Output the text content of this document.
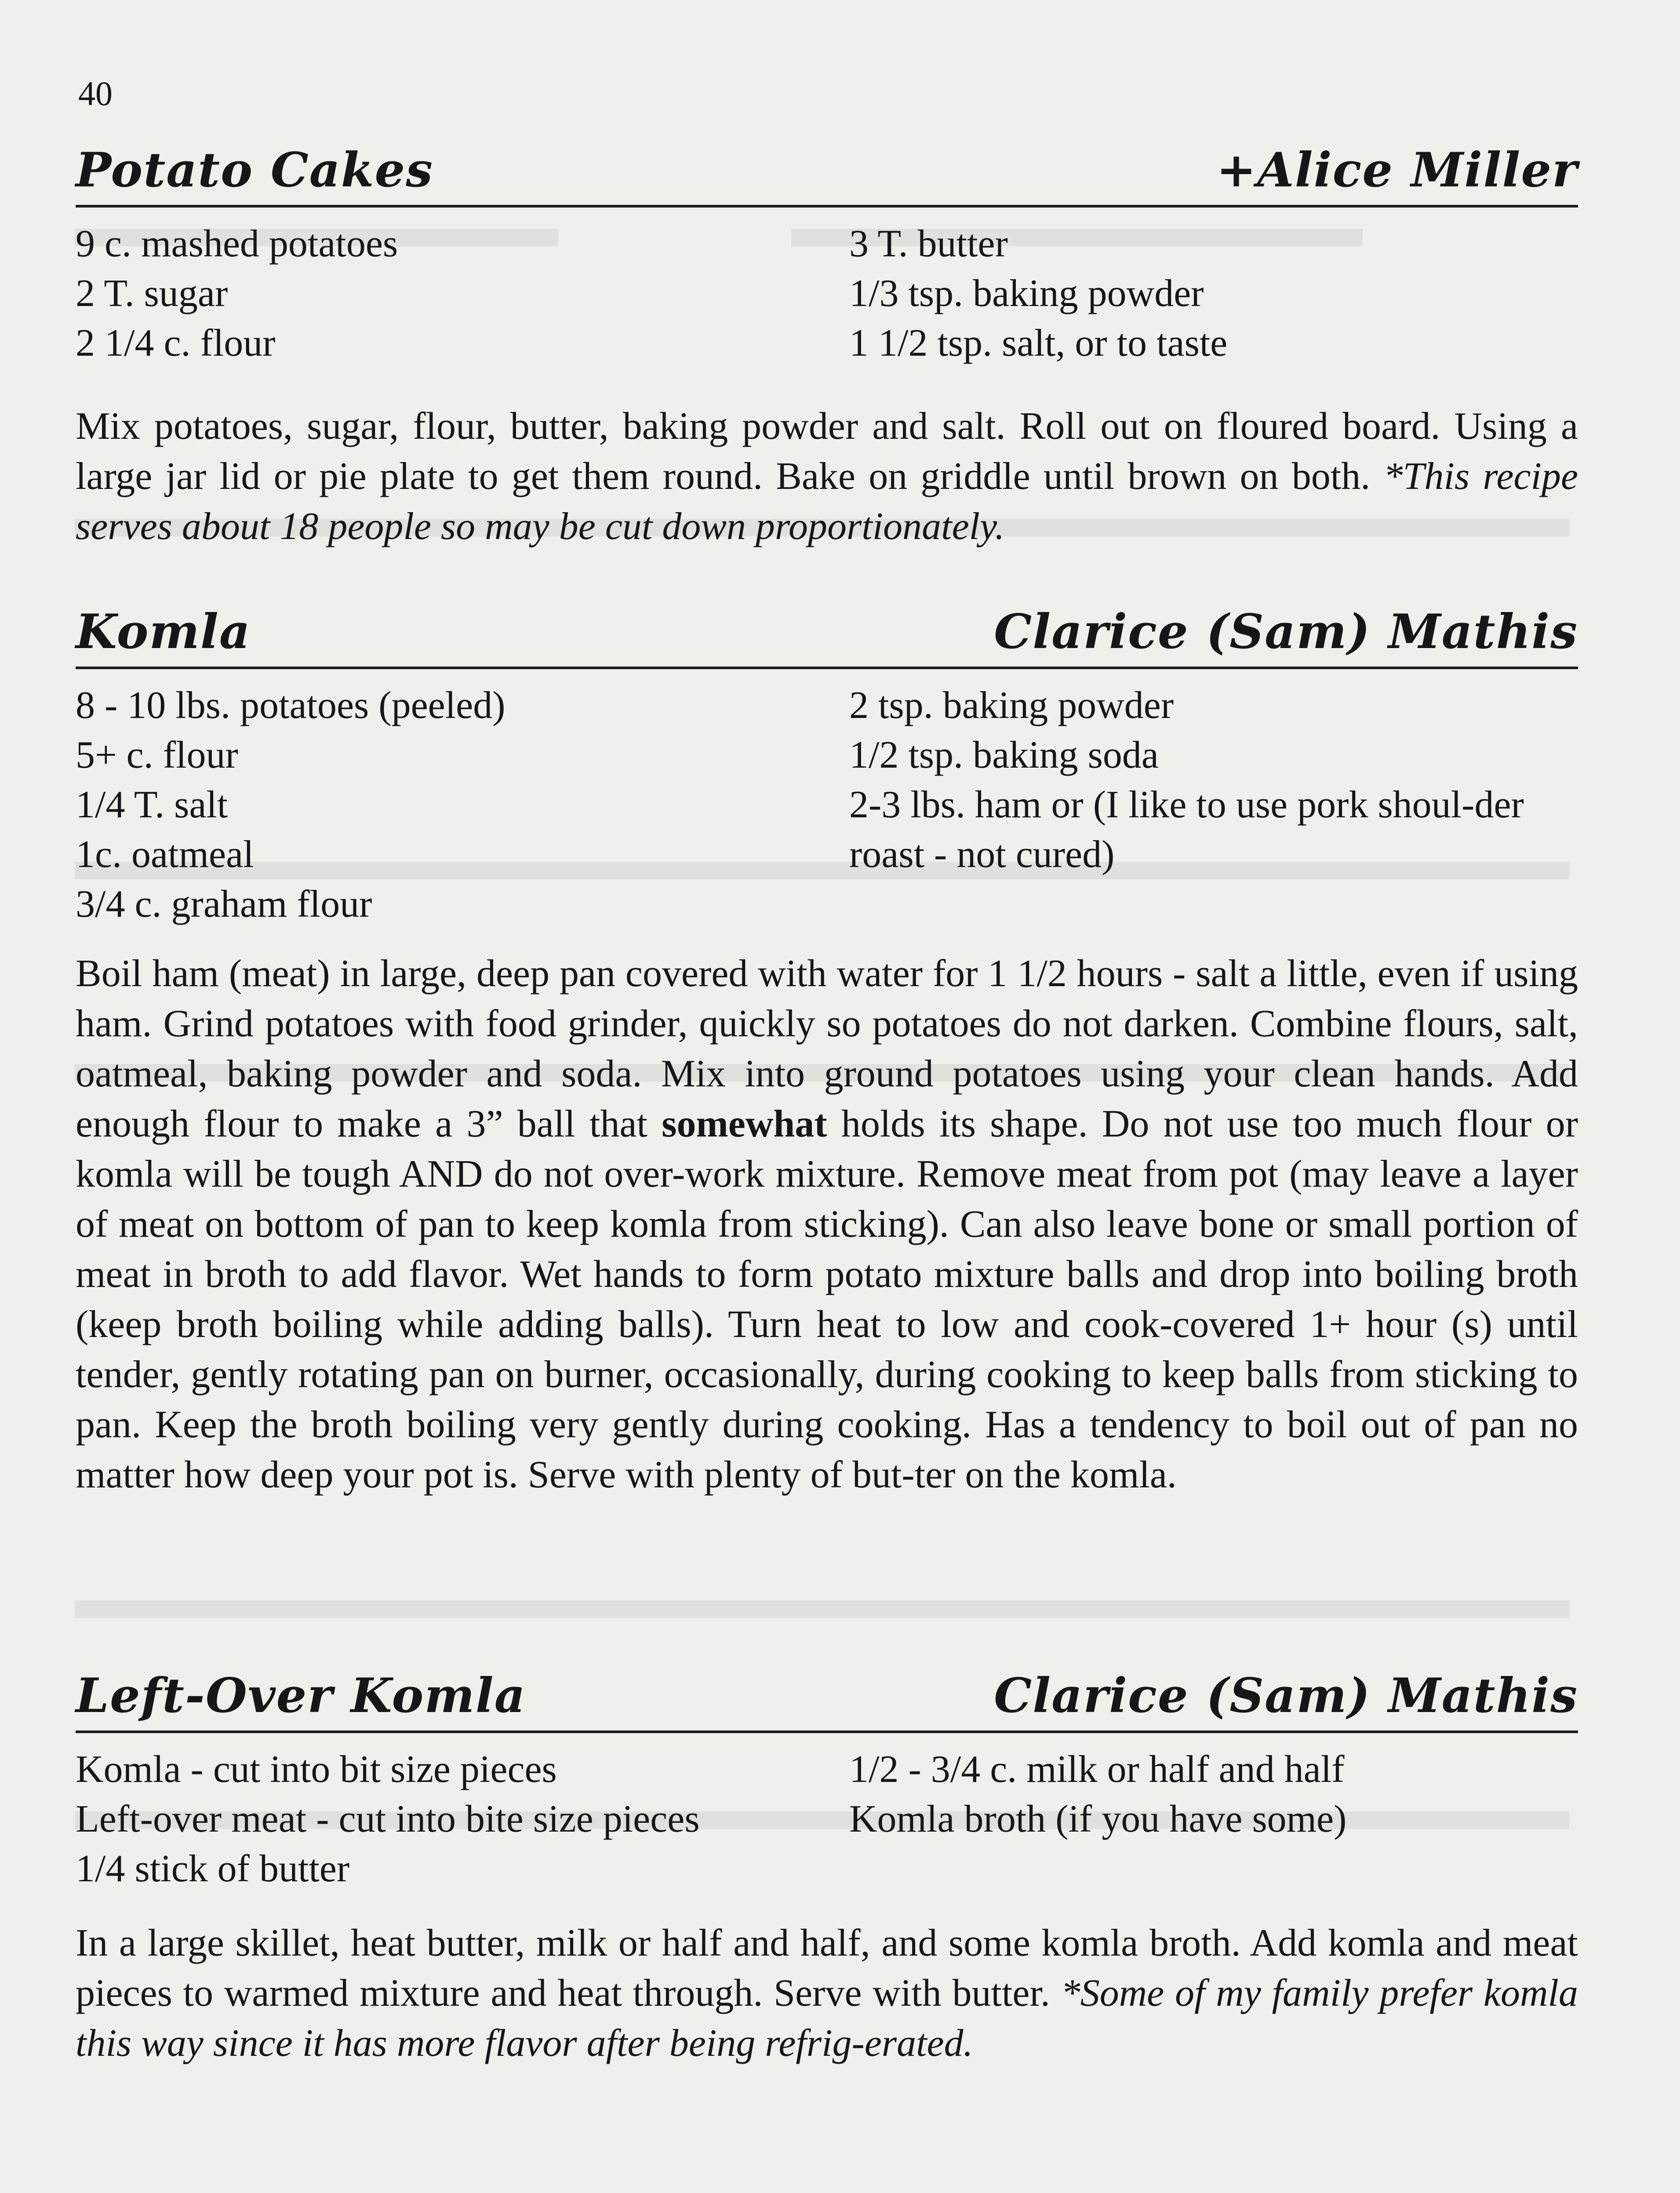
40
Potato Cakes	+Alice Miller
9 c. mashed potatoes
2 T. sugar
2 1/4 c. flour
3 T. butter
1/3 tsp. baking powder
1 1/2 tsp. salt, or to taste

Mix potatoes, sugar, flour, butter, baking powder and salt. Roll out on floured board. Using a large jar lid or pie plate to get them round. Bake on griddle until brown on both. *This recipe serves about 18 people so may be cut down proportionately.

Komla	Clarice (Sam) Mathis
8 - 10 lbs. potatoes (peeled)
5+ c. flour
1/4 T. salt
1c. oatmeal
3/4 c. graham flour
2 tsp. baking powder
1/2 tsp. baking soda
2-3 lbs. ham or (I like to use pork shoul-der roast - not cured)

Boil ham (meat) in large, deep pan covered with water for 1 1/2 hours - salt a little, even if using ham. Grind potatoes with food grinder, quickly so potatoes do not darken. Combine flours, salt, oatmeal, baking powder and soda. Mix into ground potatoes using your clean hands. Add enough flour to make a 3” ball that somewhat holds its shape. Do not use too much flour or komla will be tough AND do not over-work mixture. Remove meat from pot (may leave a layer of meat on bottom of pan to keep komla from sticking). Can also leave bone or small portion of meat in broth to add flavor. Wet hands to form potato mixture balls and drop into boiling broth (keep broth boiling while adding balls). Turn heat to low and cook-covered 1+ hour (s) until tender, gently rotating pan on burner, occasionally, during cooking to keep balls from sticking to pan. Keep the broth boiling very gently during cooking. Has a tendency to boil out of pan no matter how deep your pot is. Serve with plenty of but-ter on the komla.

Left-Over Komla	Clarice (Sam) Mathis
Komla - cut into bit size pieces
Left-over meat - cut into bite size pieces
1/4 stick of butter
1/2 - 3/4 c. milk or half and half
Komla broth (if you have some)

In a large skillet, heat butter, milk or half and half, and some komla broth. Add komla and meat pieces to warmed mixture and heat through. Serve with butter. *Some of my family prefer komla this way since it has more flavor after being refrig-erated.
